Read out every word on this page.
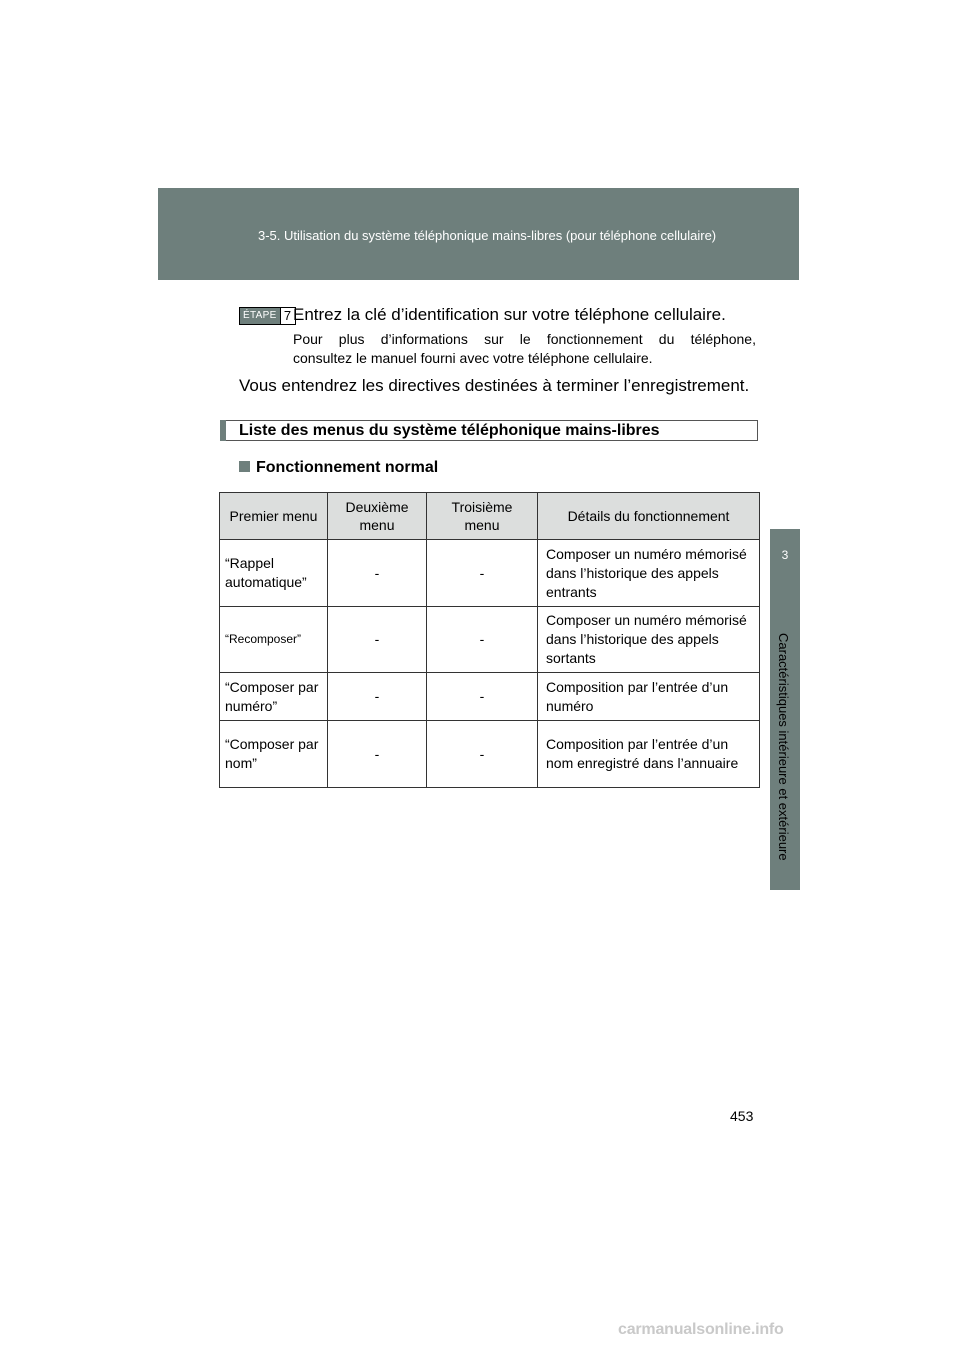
3-5. Utilisation du système téléphonique mains-libres (pour téléphone cellulaire)
3
Caractéristiques intérieure et extérieure
ÉTAPE 7 Entrez la clé d’identification sur votre téléphone cellulaire.
Pour plus d’informations sur le fonctionnement du téléphone,
consultez le manuel fourni avec votre téléphone cellulaire.
Vous entendrez les directives destinées à terminer l’enregistrement.
Liste des menus du système téléphonique mains-libres
Fonctionnement normal
Premier menu	Deuxième menu	Troisième menu	Détails du fonctionnement
“Rappel automatique”	-	-	Composer un numéro mémorisé dans l’historique des appels entrants
“Recomposer”	-	-	Composer un numéro mémorisé dans l’historique des appels sortants
“Composer par numéro”	-	-	Composition par l’entrée d’un numéro
“Composer par nom”	-	-	Composition par l’entrée d’un nom enregistré dans l’annuaire
453
carmanualsonline.info
